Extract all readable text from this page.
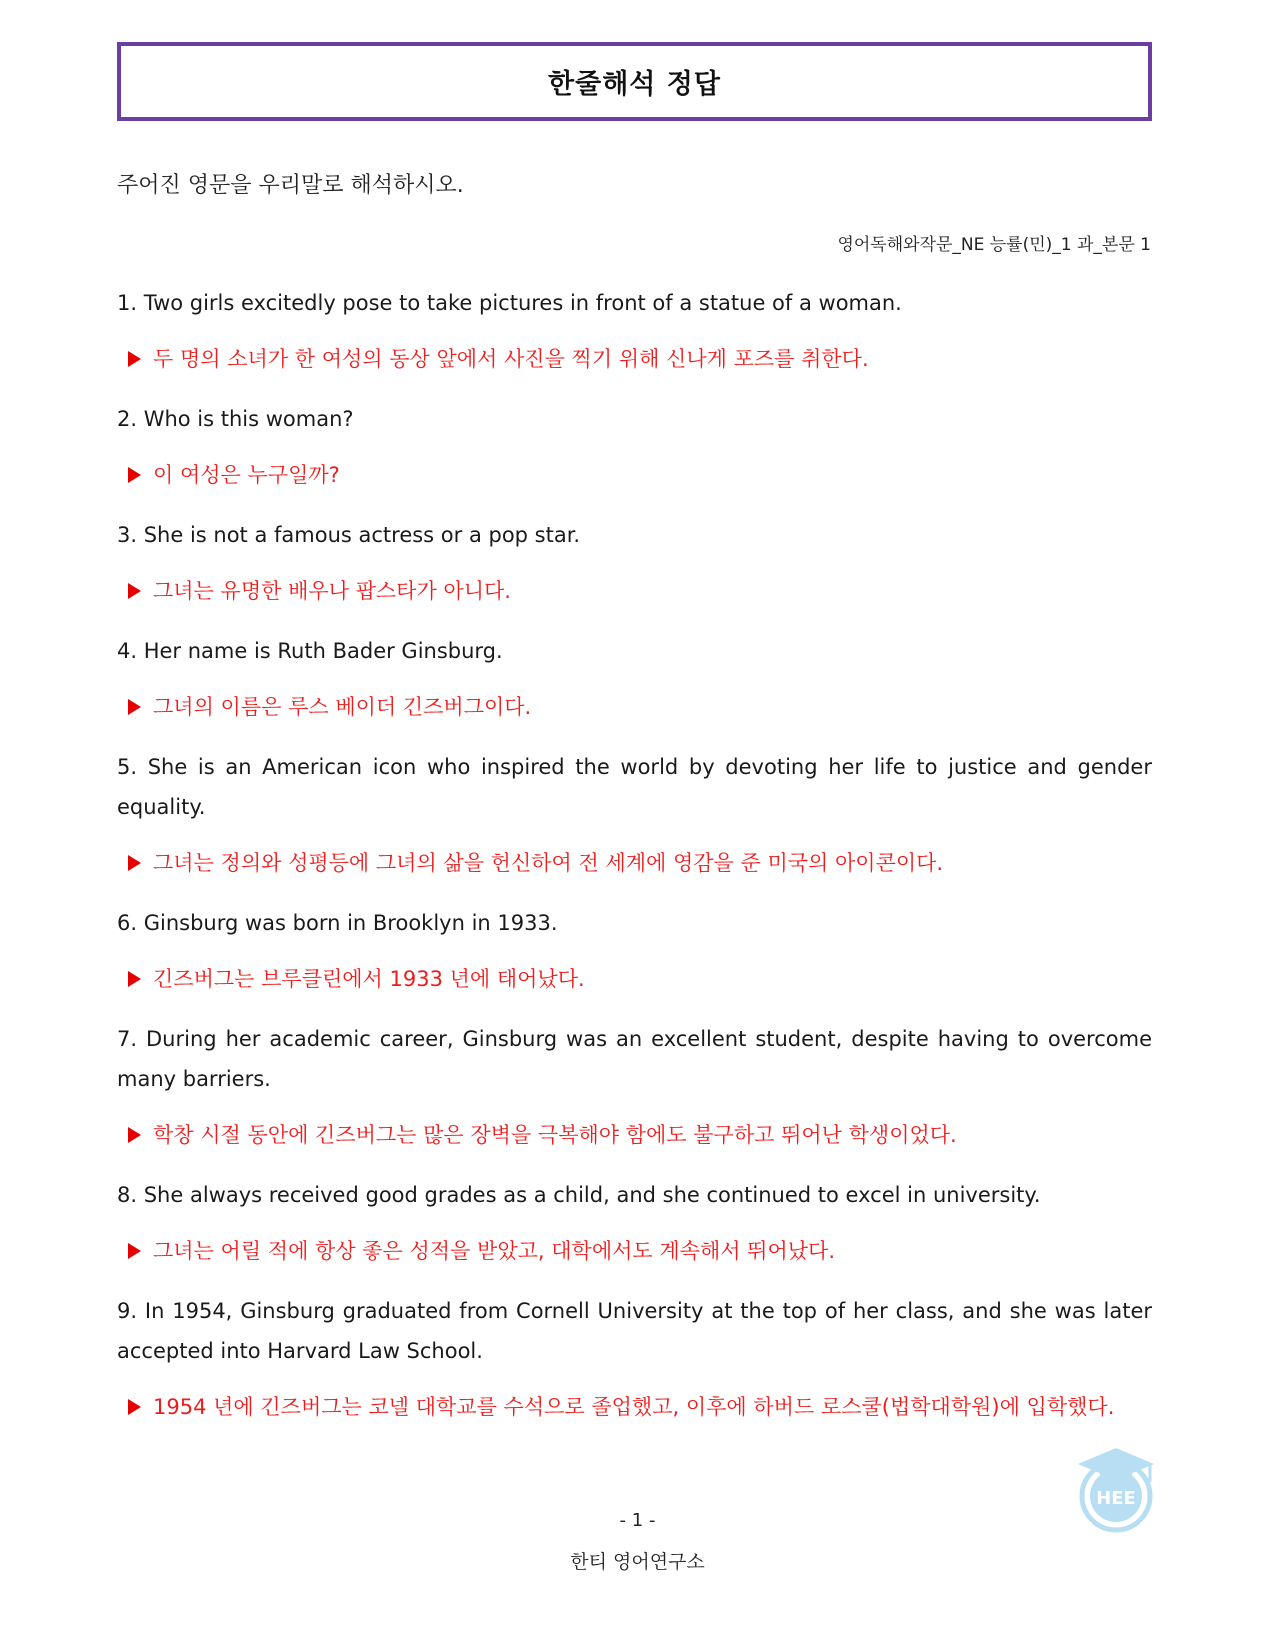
한줄해석 정답
주어진 영문을 우리말로 해석하시오.
영어독해와작문_NE 능률(민)_1 과_본문 1

1. Two girls excitedly pose to take pictures in front of a statue of a woman.

두 명의 소녀가 한 여성의 동상 앞에서 사진을 찍기 위해 신나게 포즈를 취한다.

2. Who is this woman?

이 여성은 누구일까?

3. She is not a famous actress or a pop star.

그녀는 유명한 배우나 팝스타가 아니다.

4. Her name is Ruth Bader Ginsburg.

그녀의 이름은 루스 베이더 긴즈버그이다.

5. She is an American icon who inspired the world by devoting her life to justice and gender equality.

그녀는 정의와 성평등에 그녀의 삶을 헌신하여 전 세계에 영감을 준 미국의 아이콘이다.

6. Ginsburg was born in Brooklyn in 1933.

긴즈버그는 브루클린에서 1933 년에 태어났다.

7. During her academic career, Ginsburg was an excellent student, despite having to overcome many barriers.

학창 시절 동안에 긴즈버그는 많은 장벽을 극복해야 함에도 불구하고 뛰어난 학생이었다.

8. She always received good grades as a child, and she continued to excel in university.

그녀는 어릴 적에 항상 좋은 성적을 받았고, 대학에서도 계속해서 뛰어났다.

9. In 1954, Ginsburg graduated from Cornell University at the top of her class, and she was later accepted into Harvard Law School.

1954 년에 긴즈버그는 코넬 대학교를 수석으로 졸업했고, 이후에 하버드 로스쿨(법학대학원)에 입학했다.

HEE
- 1 -
한티 영어연구소
